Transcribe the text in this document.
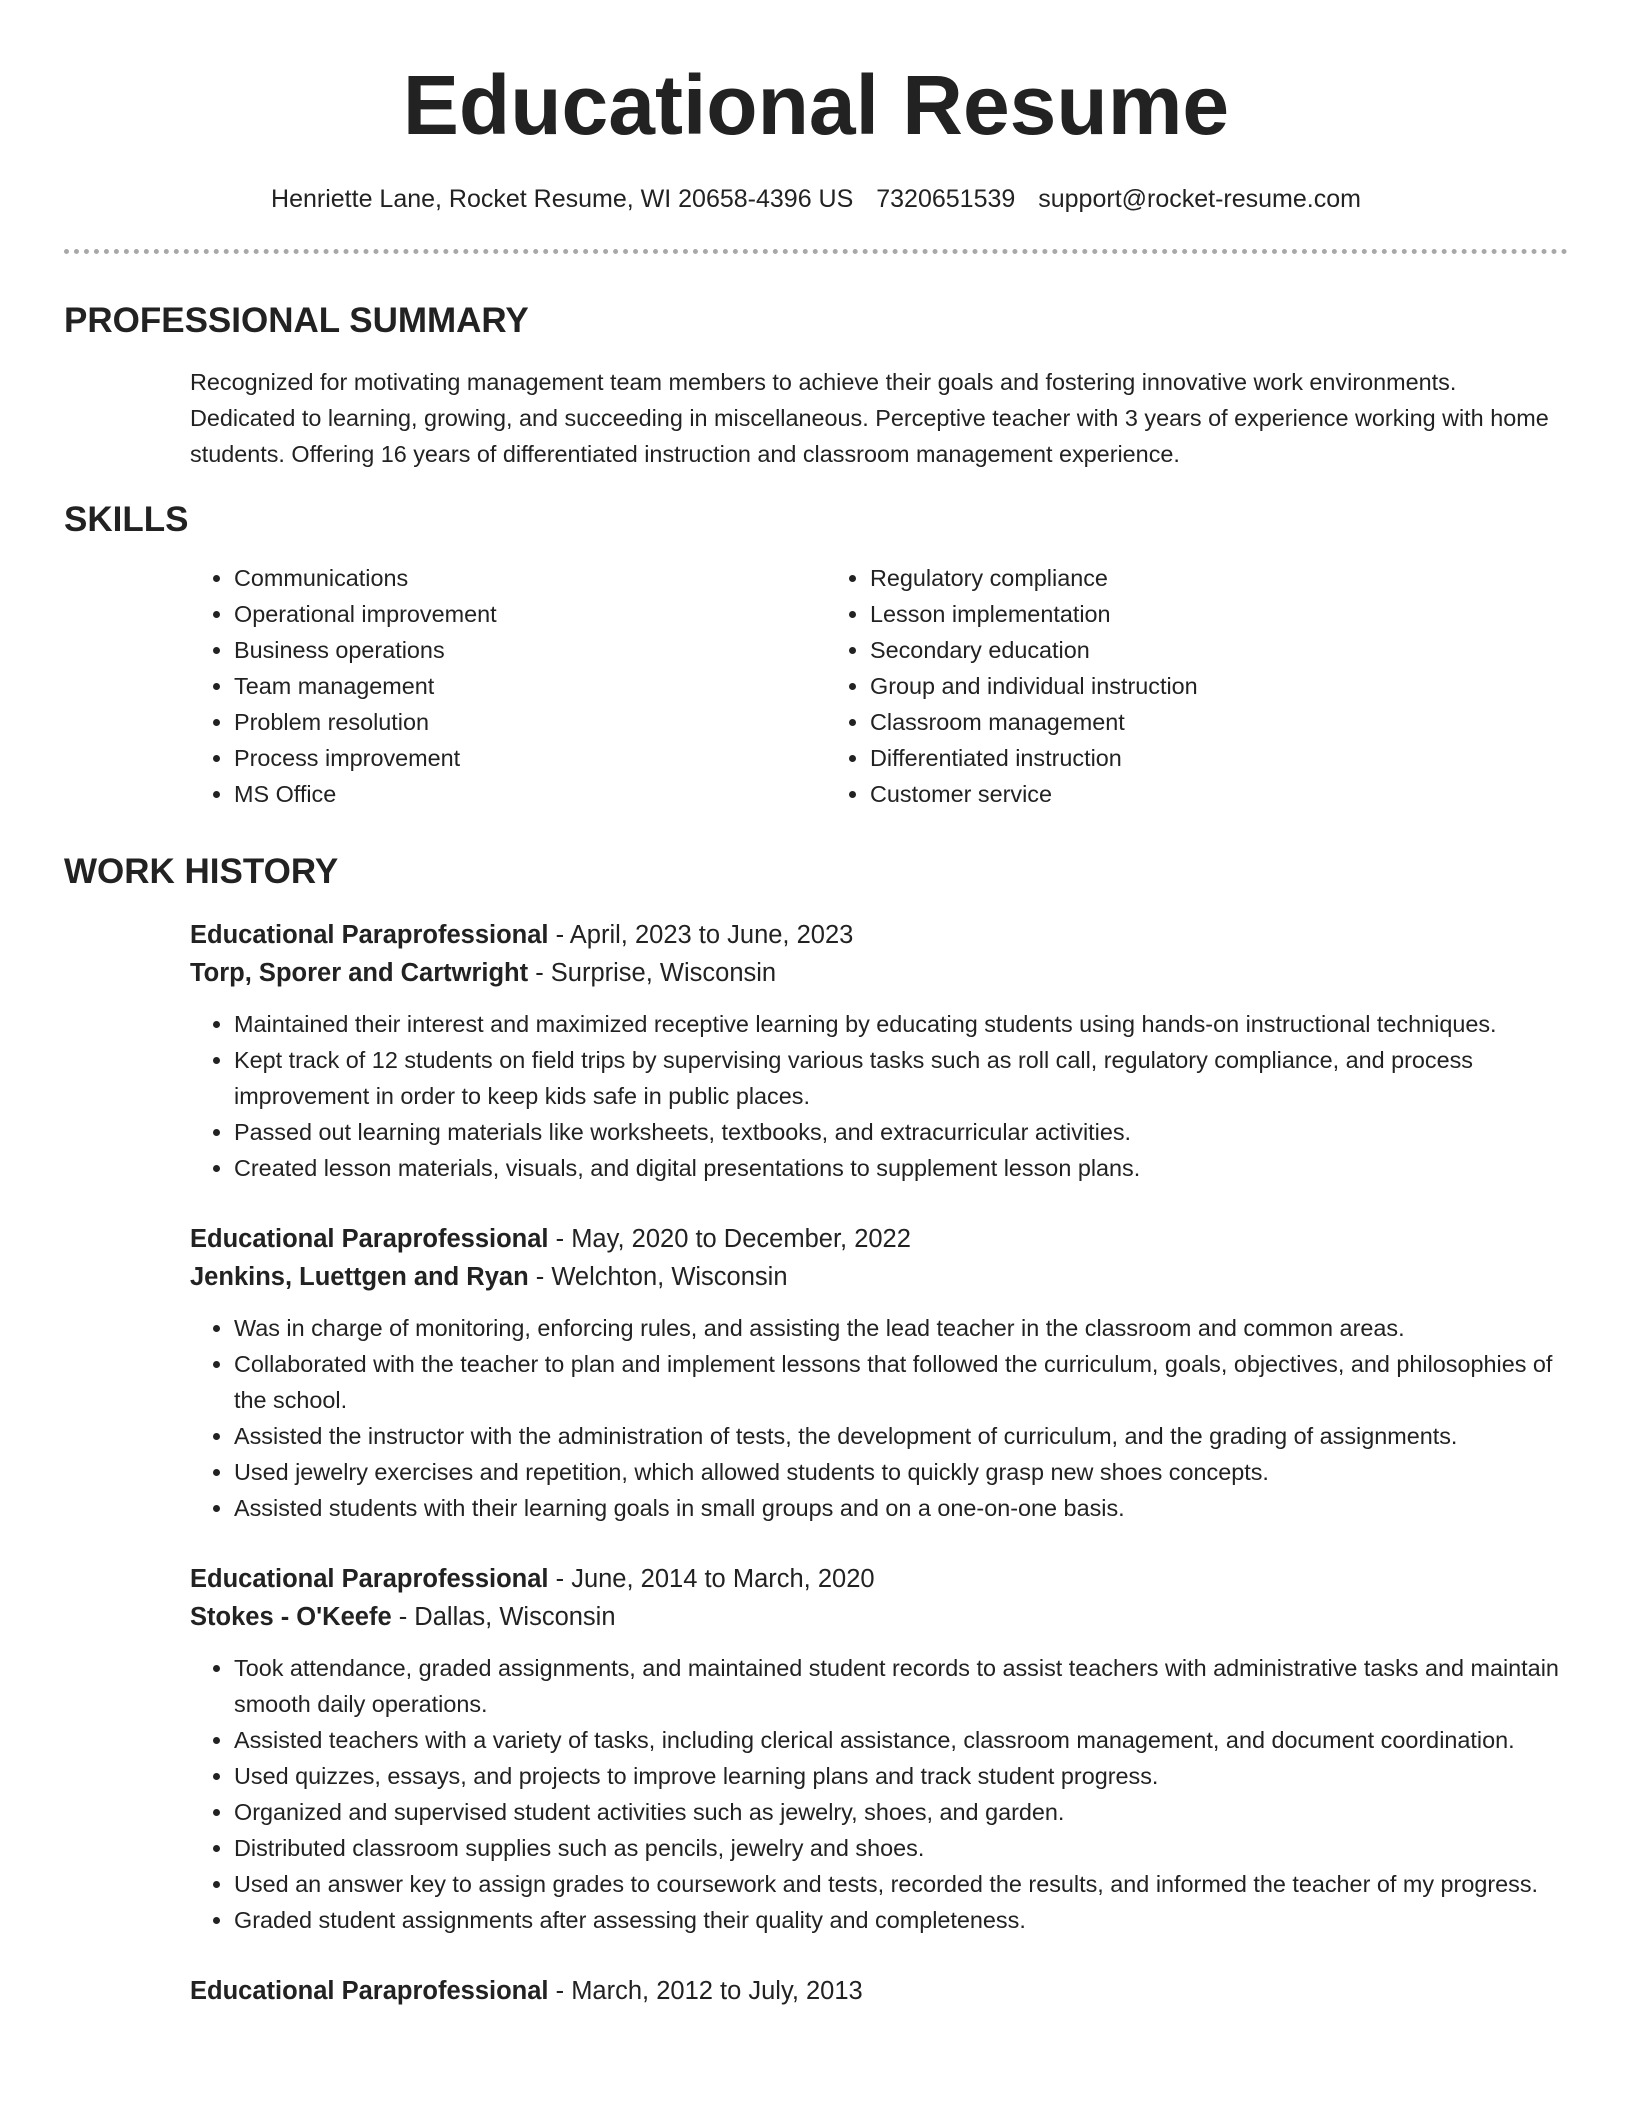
Educational Resume
Henriette Lane, Rocket Resume, WI 20658-4396 US 7320651539 support@rocket-resume.com
PROFESSIONAL SUMMARY
Recognized for motivating management team members to achieve their goals and fostering innovative work environments. Dedicated to learning, growing, and succeeding in miscellaneous. Perceptive teacher with 3 years of experience working with home students. Offering 16 years of differentiated instruction and classroom management experience.
SKILLS
• Communications
• Operational improvement
• Business operations
• Team management
• Problem resolution
• Process improvement
• MS Office
• Regulatory compliance
• Lesson implementation
• Secondary education
• Group and individual instruction
• Classroom management
• Differentiated instruction
• Customer service
WORK HISTORY
Educational Paraprofessional - April, 2023 to June, 2023
Torp, Sporer and Cartwright - Surprise, Wisconsin
• Maintained their interest and maximized receptive learning by educating students using hands-on instructional techniques.
• Kept track of 12 students on field trips by supervising various tasks such as roll call, regulatory compliance, and process improvement in order to keep kids safe in public places.
• Passed out learning materials like worksheets, textbooks, and extracurricular activities.
• Created lesson materials, visuals, and digital presentations to supplement lesson plans.
Educational Paraprofessional - May, 2020 to December, 2022
Jenkins, Luettgen and Ryan - Welchton, Wisconsin
• Was in charge of monitoring, enforcing rules, and assisting the lead teacher in the classroom and common areas.
• Collaborated with the teacher to plan and implement lessons that followed the curriculum, goals, objectives, and philosophies of the school.
• Assisted the instructor with the administration of tests, the development of curriculum, and the grading of assignments.
• Used jewelry exercises and repetition, which allowed students to quickly grasp new shoes concepts.
• Assisted students with their learning goals in small groups and on a one-on-one basis.
Educational Paraprofessional - June, 2014 to March, 2020
Stokes - O'Keefe - Dallas, Wisconsin
• Took attendance, graded assignments, and maintained student records to assist teachers with administrative tasks and maintain smooth daily operations.
• Assisted teachers with a variety of tasks, including clerical assistance, classroom management, and document coordination.
• Used quizzes, essays, and projects to improve learning plans and track student progress.
• Organized and supervised student activities such as jewelry, shoes, and garden.
• Distributed classroom supplies such as pencils, jewelry and shoes.
• Used an answer key to assign grades to coursework and tests, recorded the results, and informed the teacher of my progress.
• Graded student assignments after assessing their quality and completeness.
Educational Paraprofessional - March, 2012 to July, 2013
